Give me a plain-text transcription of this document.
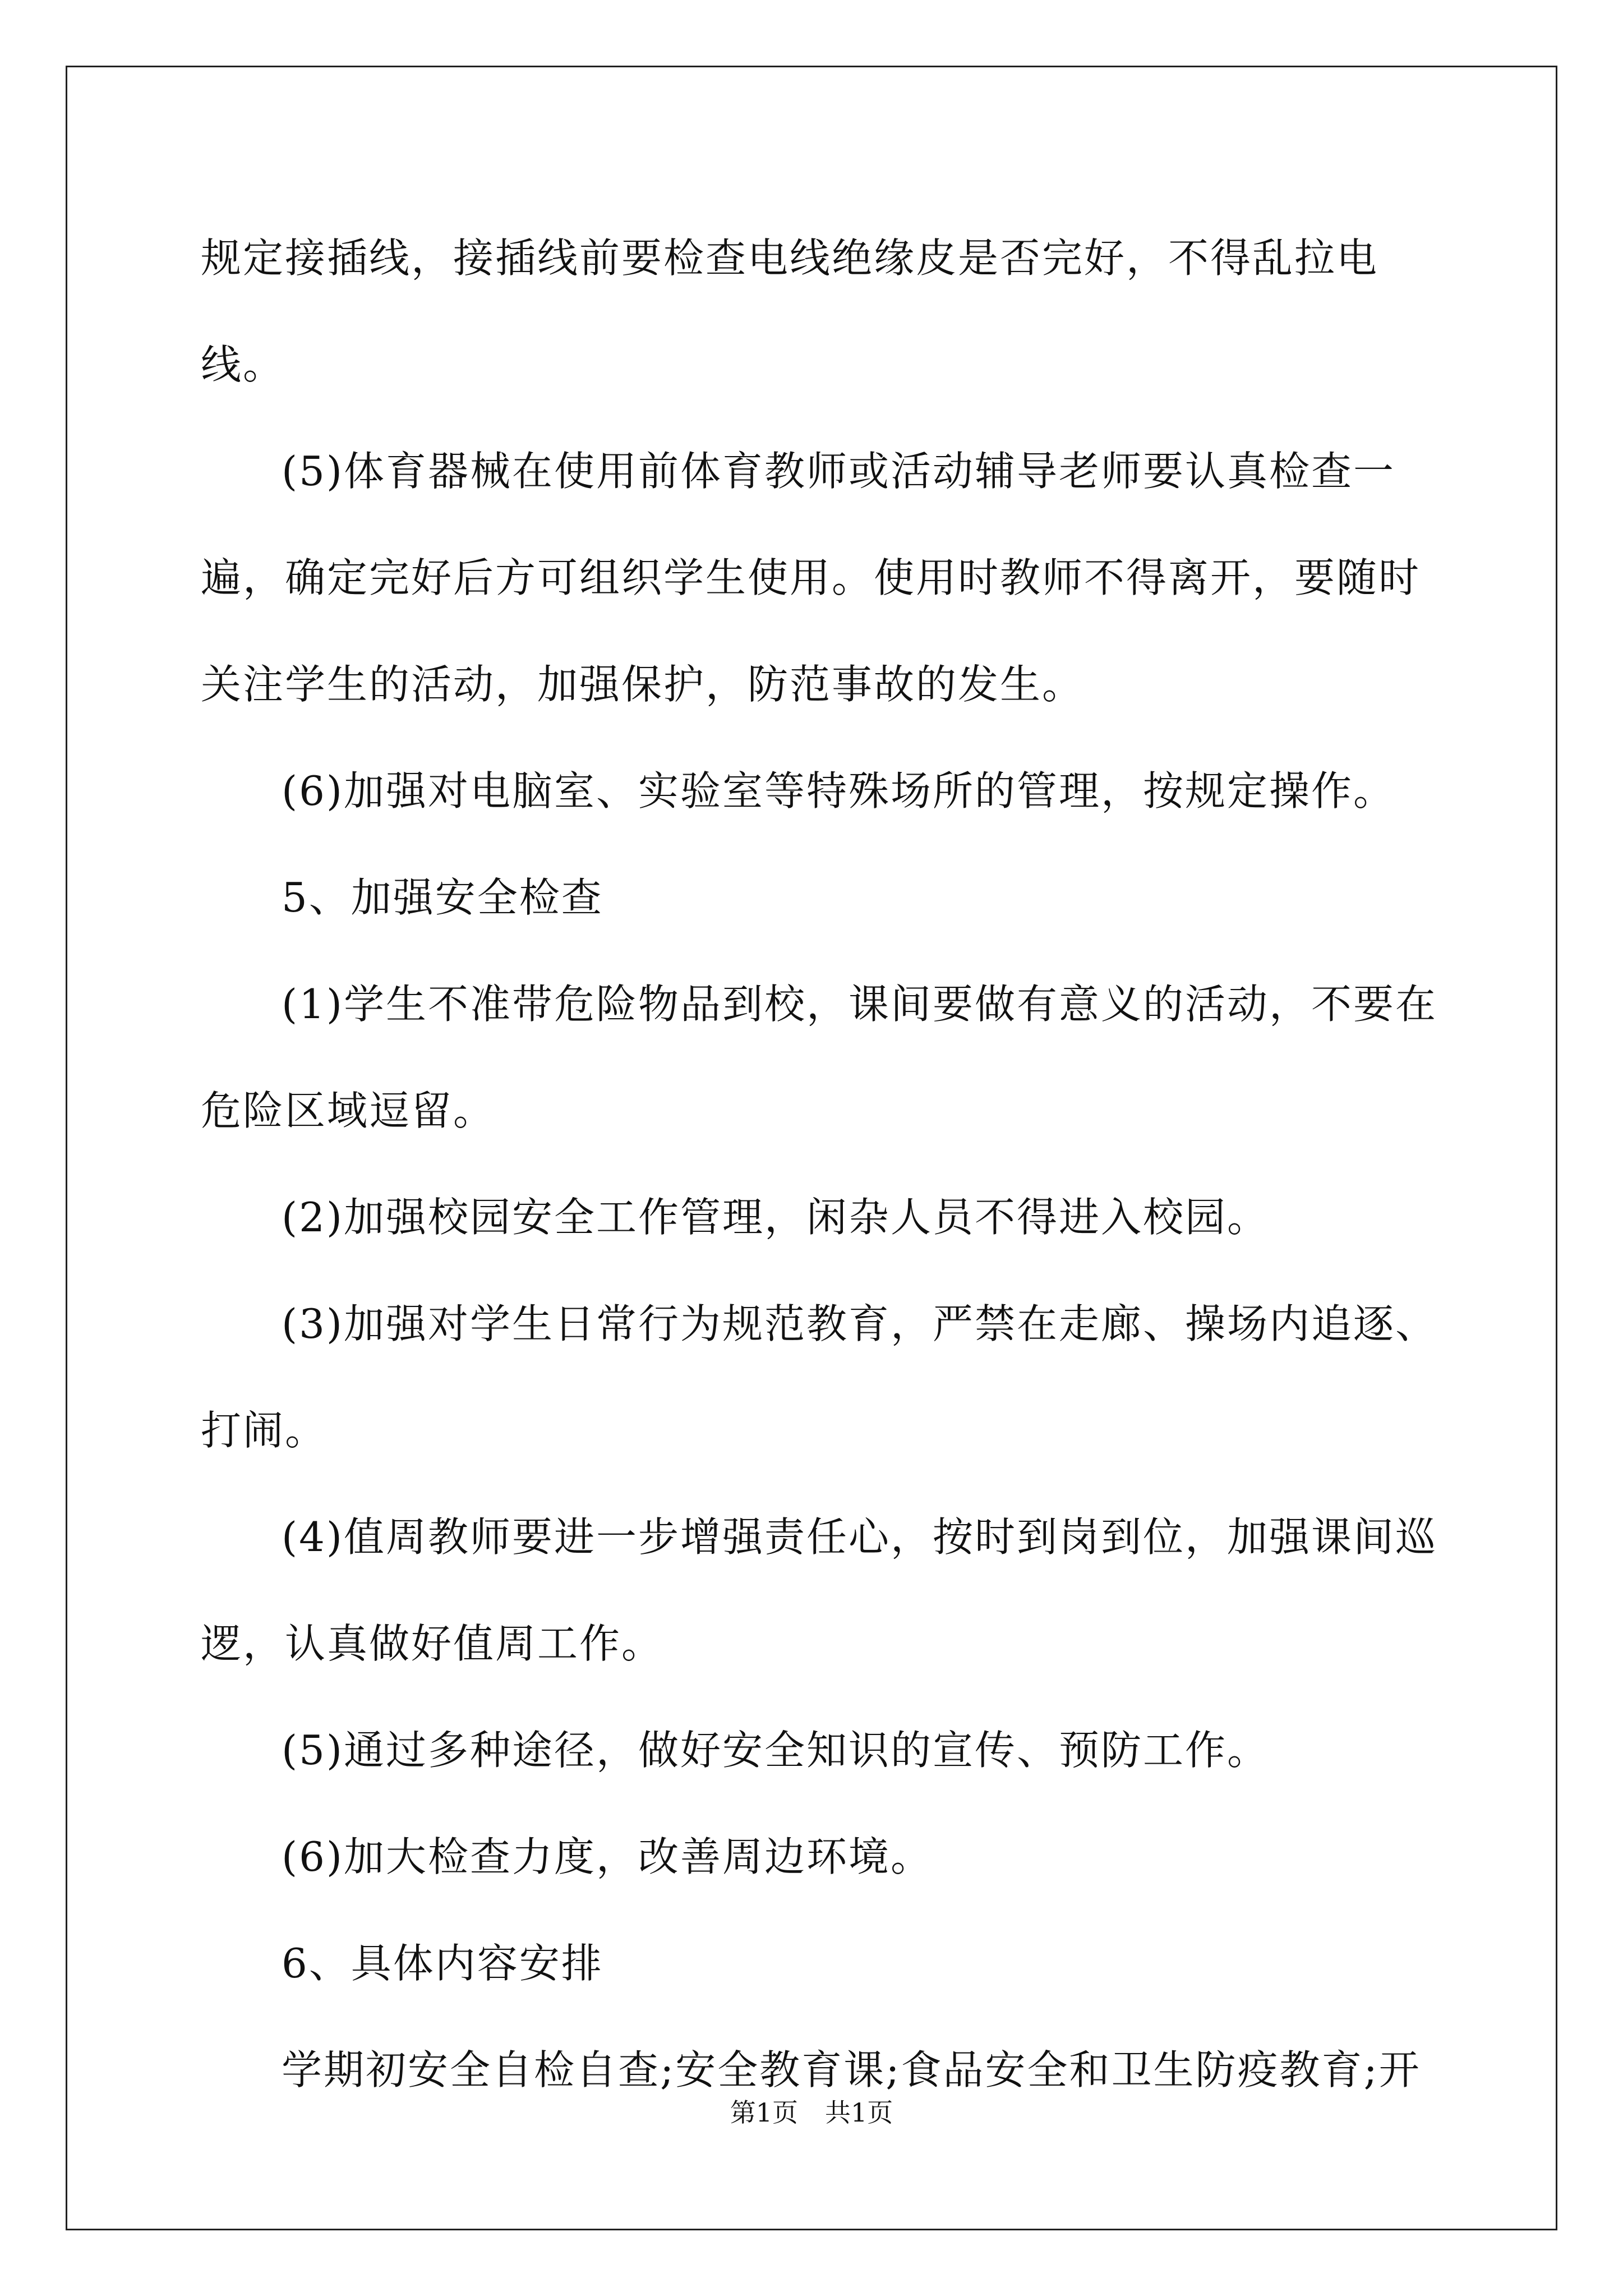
规定接插线，接插线前要检查电线绝缘皮是否完好，不得乱拉电线。

(5)体育器械在使用前体育教师或活动辅导老师要认真检查一遍，确定完好后方可组织学生使用。使用时教师不得离开，要随时关注学生的活动，加强保护，防范事故的发生。

(6)加强对电脑室、实验室等特殊场所的管理，按规定操作。

5、加强安全检查

(1)学生不准带危险物品到校，课间要做有意义的活动，不要在危险区域逗留。

(2)加强校园安全工作管理，闲杂人员不得进入校园。

(3)加强对学生日常行为规范教育，严禁在走廊、操场内追逐、打闹。

(4)值周教师要进一步增强责任心，按时到岗到位，加强课间巡逻，认真做好值周工作。

(5)通过多种途径，做好安全知识的宣传、预防工作。

(6)加大检查力度，改善周边环境。

6、具体内容安排

学期初安全自检自查;安全教育课;食品安全和卫生防疫教育;开

第1页 共1页
